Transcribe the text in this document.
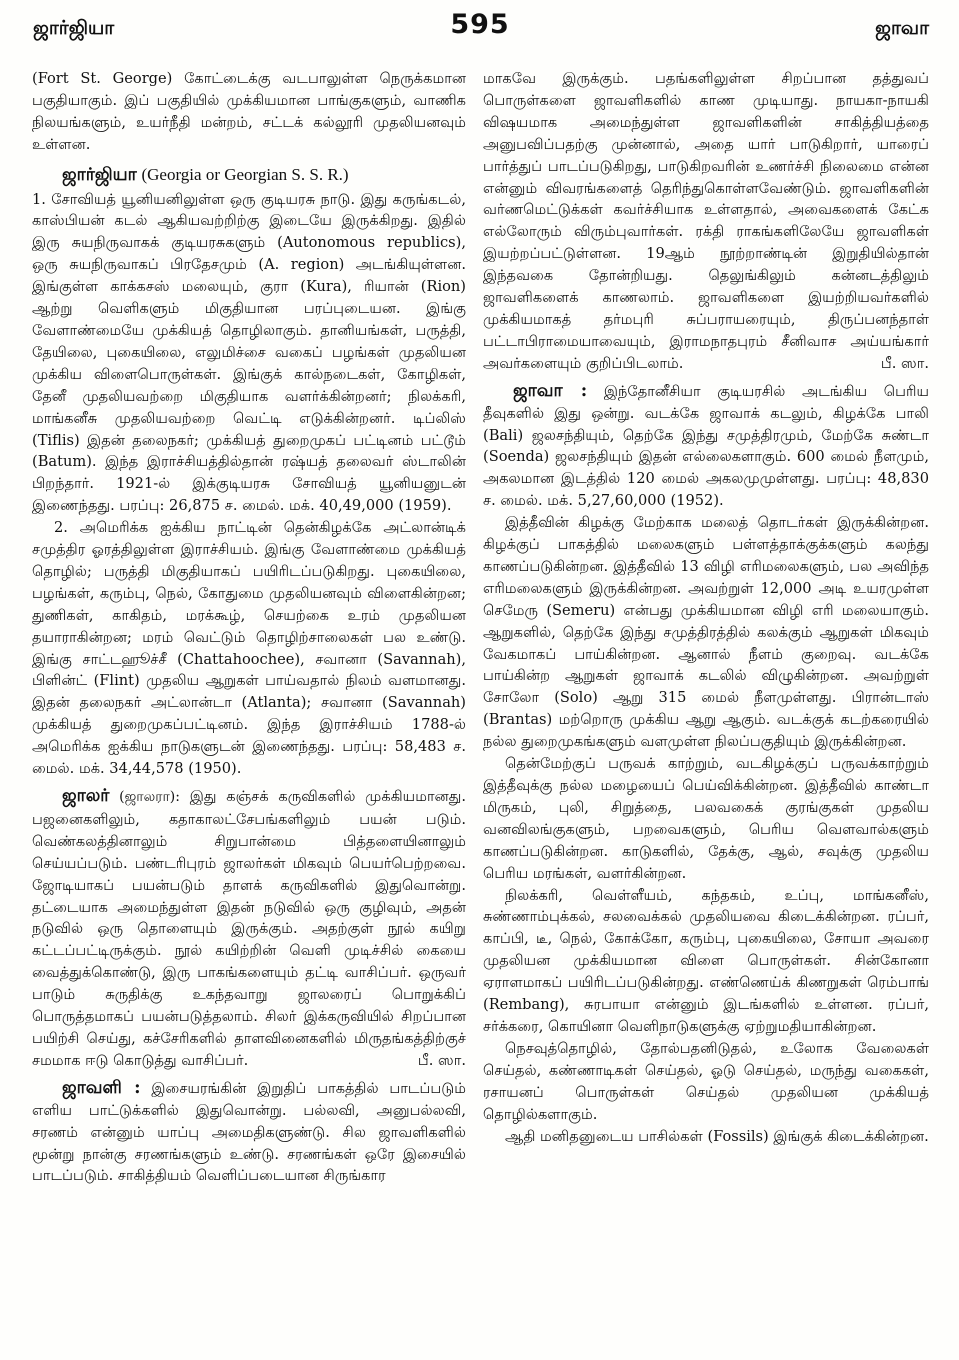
ஜார்ஜியா	595	ஜாவா

(Fort St. George) கோட்டைக்கு வடபாலுள்ள நெருக்கமான பகுதியாகும். இப் பகுதியில் முக்கியமான பாங்குகளும், வாணிக நிலயங்களும், உயர்நீதி மன்றம், சட்டக் கல்லூரி முதலியனவும் உள்ளன.

ஜார்ஜியா (Georgia or Georgian S. S. R.)

1. சோவியத் யூனியனிலுள்ள ஒரு குடியரசு நாடு. இது கருங்கடல், காஸ்பியன் கடல் ஆகியவற்றிற்கு இடையே இருக்கிறது. இதில் இரு சுயநிருவாகக் குடியரசுகளும் (Autonomous republics), ஒரு சுயநிருவாகப் பிரதேசமும் (A. region) அடங்கியுள்ளன. இங்குள்ள காக்கசஸ் மலையும், குரா (Kura), ரியான் (Rion) ஆற்று வெளிகளும் மிகுதியான பரப்புடையன. இங்கு வேளாண்மையே முக்கியத் தொழிலாகும். தானியங்கள், பருத்தி, தேயிலை, புகையிலை, எலுமிச்சை வகைப் பழங்கள் முதலியன முக்கிய விளைபொருள்கள். இங்குக் கால்நடைகள், கோழிகள், தேனீ முதலியவற்றை மிகுதியாக வளர்க்கின்றனர்; நிலக்கரி, மாங்கனீசு முதலியவற்றை வெட்டி எடுக்கின்றனர். டிப்லிஸ் (Tiflis) இதன் தலைநகர்; முக்கியத் துறைமுகப் பட்டினம் பட்டூம் (Batum). இந்த இராச்சியத்தில்தான் ரஷ்யத் தலைவர் ஸ்டாலின் பிறந்தார். 1921-ல் இக்குடியரசு சோவியத் யூனியனுடன் இணைந்தது. பரப்பு: 26,875 ச. மைல். மக். 40,49,000 (1959).

2. அமெரிக்க ஐக்கிய நாட்டின் தென்கிழக்கே அட்லான்டிக் சமுத்திர ஓரத்திலுள்ள இராச்சியம். இங்கு வேளாண்மை முக்கியத் தொழில்; பருத்தி மிகுதியாகப் பயிரிடப்படுகிறது. புகையிலை, பழங்கள், கரும்பு, நெல், கோதுமை முதலியனவும் விளைகின்றன; துணிகள், காகிதம், மரக்கூழ், செயற்கை உரம் முதலியன தயாராகின்றன; மரம் வெட்டும் தொழிற்சாலைகள் பல உண்டு. இங்கு சாட்டஹூச்சீ (Chattahoochee), சவானா (Savannah), பிளின்ட் (Flint) முதலிய ஆறுகள் பாய்வதால் நிலம் வளமானது. இதன் தலைநகர் அட்லான்டா (Atlanta); சவானா (Savannah) முக்கியத் துறைமுகப்பட்டினம். இந்த இராச்சியம் 1788-ல் அமெரிக்க ஐக்கிய நாடுகளுடன் இணைந்தது. பரப்பு: 58,483 ச. மைல். மக். 34,44,578 (1950).

ஜாலர் (ஜாலரா): இது கஞ்சக் கருவிகளில் முக்கியமானது. பஜனைகளிலும், கதாகாலட்சேபங்களிலும் பயன் படும். வெண்கலத்தினாலும் சிறுபான்மை பித்தளையினாலும் செய்யப்படும். பண்டரிபுரம் ஜாலர்கள் மிகவும் பெயர்பெற்றவை. ஜோடியாகப் பயன்படும் தாளக் கருவிகளில் இதுவொன்று. தட்டையாக அமைந்துள்ள இதன் நடுவில் ஒரு குழிவும், அதன் நடுவில் ஒரு தொளையும் இருக்கும். அதற்குள் நூல் கயிறு கட்டப்பட்டிருக்கும். நூல் கயிற்றின் வெளி முடிச்சில் கையை வைத்துக்கொண்டு, இரு பாகங்களையும் தட்டி வாசிப்பர். ஒருவர் பாடும் சுருதிக்கு உகந்தவாறு ஜாலரைப் பொறுக்கிப் பொருத்தமாகப் பயன்படுத்தலாம். சிலர் இக்கருவியில் சிறப்பான பயிற்சி செய்து, கச்சேரிகளில் தாளவினைகளில் மிருதங்கத்திற்குச் சமமாக ஈடு கொடுத்து வாசிப்பர்.	பீ. ஸா.

ஜாவளி : இசையரங்கின் இறுதிப் பாகத்தில் பாடப்படும் எளிய பாட்டுக்களில் இதுவொன்று. பல்லவி, அனுபல்லவி, சரணம் என்னும் யாப்பு அமைதிகளுண்டு. சில ஜாவளிகளில் மூன்று நான்கு சரணங்களும் உண்டு. சரணங்கள் ஒரே இசையில் பாடப்படும். சாகித்தியம் வெளிப்படையான சிருங்கார

மாகவே இருக்கும். பதங்களிலுள்ள சிறப்பான தத்துவப் பொருள்களை ஜாவளிகளில் காண முடியாது. நாயகா-நாயகி விஷயமாக அமைந்துள்ள ஜாவளிகளின் சாகித்தியத்தை அனுபவிப்பதற்கு முன்னால், அதை யார் பாடுகிறார், யாரைப் பார்த்துப் பாடப்படுகிறது, பாடுகிறவரின் உணர்ச்சி நிலைமை என்ன என்னும் விவரங்களைத் தெரிந்துகொள்ளவேண்டும். ஜாவளிகளின் வர்ணமெட்டுக்கள் கவர்ச்சியாக உள்ளதால், அவைகளைக் கேட்க எல்லோரும் விரும்புவார்கள். ரக்தி ராகங்களிலேயே ஜாவளிகள் இயற்றப்பட்டுள்ளன. 19ஆம் நூற்றாண்டின் இறுதியில்தான் இந்தவகை தோன்றியது. தெலுங்கிலும் கன்னடத்திலும் ஜாவளிகளைக் காணலாம். ஜாவளிகளை இயற்றியவர்களில் முக்கியமாகத் தர்மபுரி சுப்பராயரையும், திருப்பனந்தாள் பட்டாபிராமையாவையும், இராமநாதபுரம் சீனிவாச அய்யங்கார் அவர்களையும் குறிப்பிடலாம்.	பீ. ஸா.

ஜாவா : இந்தோனீசியா குடியரசில் அடங்கிய பெரிய தீவுகளில் இது ஒன்று. வடக்கே ஜாவாக் கடலும், கிழக்கே பாலி (Bali) ஜலசந்தியும், தெற்கே இந்து சமுத்திரமும், மேற்கே சுண்டா (Soenda) ஜலசந்தியும் இதன் எல்லைகளாகும். 600 மைல் நீளமும், அகலமான இடத்தில் 120 மைல் அகலமுமுள்ளது. பரப்பு: 48,830 ச. மைல். மக். 5,27,60,000 (1952).

இத்தீவின் கிழக்கு மேற்காக மலைத் தொடர்கள் இருக்கின்றன. கிழக்குப் பாகத்தில் மலைகளும் பள்ளத்தாக்குக்களும் கலந்து காணப்படுகின்றன. இத்தீவில் 13 விழி எரிமலைகளும், பல அவிந்த எரிமலைகளும் இருக்கின்றன. அவற்றுள் 12,000 அடி உயரமுள்ள செமேரு (Semeru) என்பது முக்கியமான விழி எரி மலையாகும். ஆறுகளில், தெற்கே இந்து சமுத்திரத்தில் கலக்கும் ஆறுகள் மிகவும் வேகமாகப் பாய்கின்றன. ஆனால் நீளம் குறைவு. வடக்கே பாய்கின்ற ஆறுகள் ஜாவாக் கடலில் விழுகின்றன. அவற்றுள் சோலோ (Solo) ஆறு 315 மைல் நீளமுள்ளது. பிரான்டாஸ் (Brantas) மற்றொரு முக்கிய ஆறு ஆகும். வடக்குக் கடற்கரையில் நல்ல துறைமுகங்களும் வளமுள்ள நிலப்பகுதியும் இருக்கின்றன.

தென்மேற்குப் பருவக் காற்றும், வடகிழக்குப் பருவக்காற்றும் இத்தீவுக்கு நல்ல மழையைப் பெய்விக்கின்றன. இத்தீவில் காண்டா மிருகம், புலி, சிறுத்தை, பலவகைக் குரங்குகள் முதலிய வனவிலங்குகளும், பறவைகளும், பெரிய வௌவால்களும் காணப்படுகின்றன. காடுகளில், தேக்கு, ஆல், சவுக்கு முதலிய பெரிய மரங்கள், வளர்கின்றன.

நிலக்கரி, வெள்ளீயம், கந்தகம், உப்பு, மாங்கனீஸ், சுண்ணாம்புக்கல், சலவைக்கல் முதலியவை கிடைக்கின்றன. ரப்பர், காப்பி, டீ, நெல், கோக்கோ, கரும்பு, புகையிலை, சோயா அவரை முதலியன முக்கியமான விளை பொருள்கள். சின்கோனா ஏராளமாகப் பயிரிடப்படுகின்றது. எண்ணெய்க் கிணறுகள் ரெம்பாங் (Rembang), சுரபாயா என்னும் இடங்களில் உள்ளன. ரப்பர், சர்க்கரை, கொயினா வெளிநாடுகளுக்கு ஏற்றுமதியாகின்றன.

நெசவுத்தொழில், தோல்பதனிடுதல், உலோக வேலைகள் செய்தல், கண்ணாடிகள் செய்தல், ஓடு செய்தல், மருந்து வகைகள், ரசாயனப் பொருள்கள் செய்தல் முதலியன முக்கியத் தொழில்களாகும்.

ஆதி மனிதனுடைய பாசில்கள் (Fossils) இங்குக் கிடைக்கின்றன.
